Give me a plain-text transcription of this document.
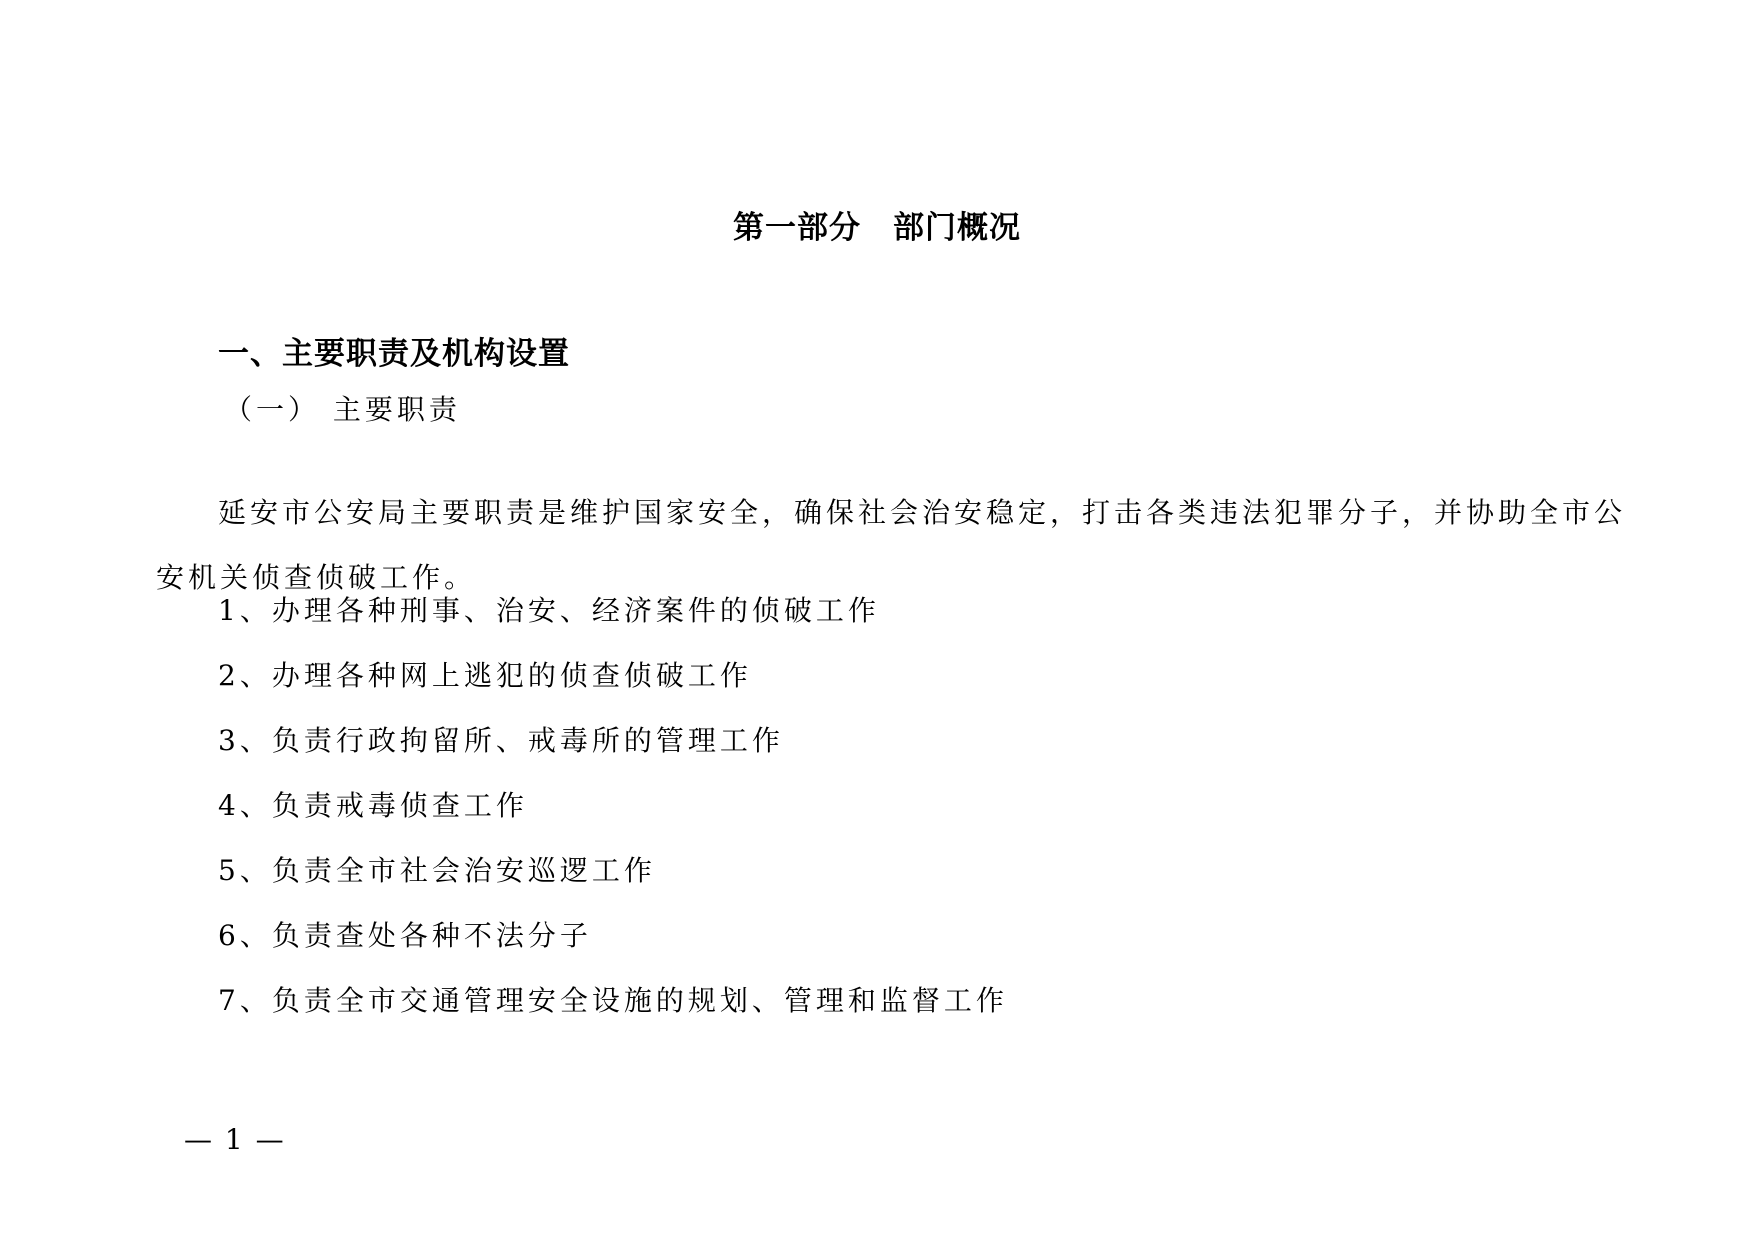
第一部分　部门概况
一、主要职责及机构设置
（一） 主要职责

延安市公安局主要职责是维护国家安全，确保社会治安稳定，打击各类违法犯罪分子，并协助全市公安机关侦查侦破工作。

1、办理各种刑事、治安、经济案件的侦破工作
2、办理各种网上逃犯的侦查侦破工作
3、负责行政拘留所、戒毒所的管理工作
4、负责戒毒侦查工作
5、负责全市社会治安巡逻工作
6、负责查处各种不法分子
7、负责全市交通管理安全设施的规划、管理和监督工作
— 1 —
